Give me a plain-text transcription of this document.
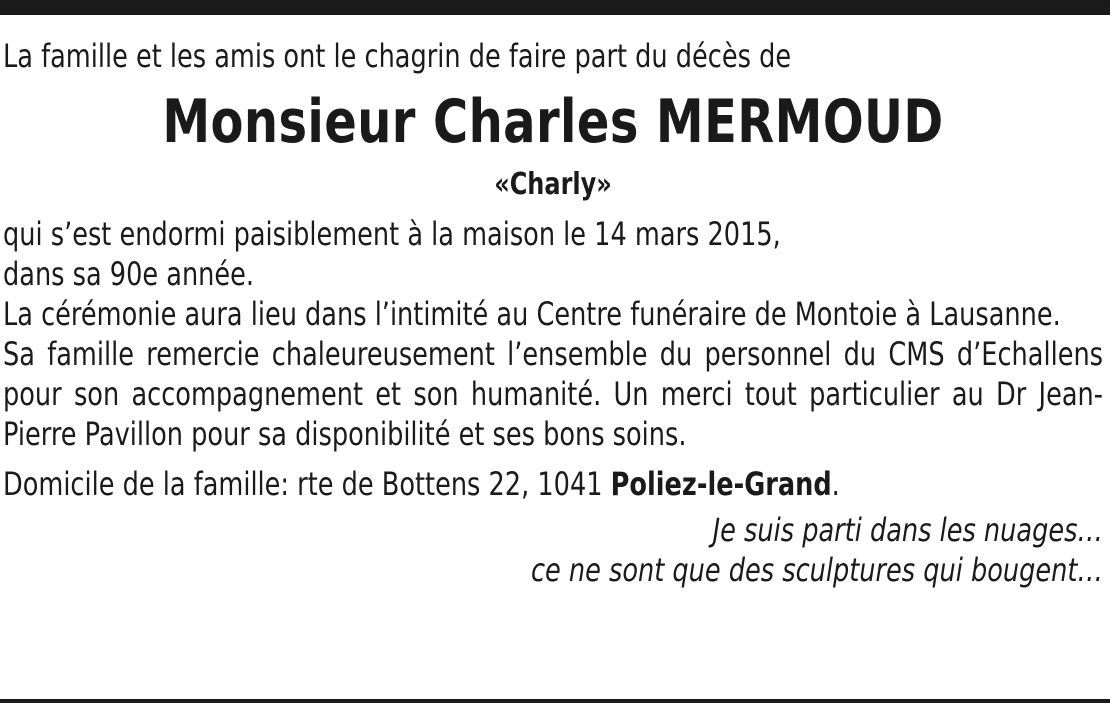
La famille et les amis ont le chagrin de faire part du décès de

Monsieur Charles MERMOUD

«Charly»

qui s’est endormi paisiblement à la maison le 14 mars 2015,
dans sa 90e année.
La cérémonie aura lieu dans l’intimité au Centre funéraire de Montoie à Lausanne.
Sa famille remercie chaleureusement l’ensemble du personnel du CMS d’Echallens pour son accompagnement et son humanité. Un merci tout particulier au Dr Jean-Pierre Pavillon pour sa disponibilité et ses bons soins.

Domicile de la famille: rte de Bottens 22, 1041 Poliez-le-Grand.

Je suis parti dans les nuages…
ce ne sont que des sculptures qui bougent…
